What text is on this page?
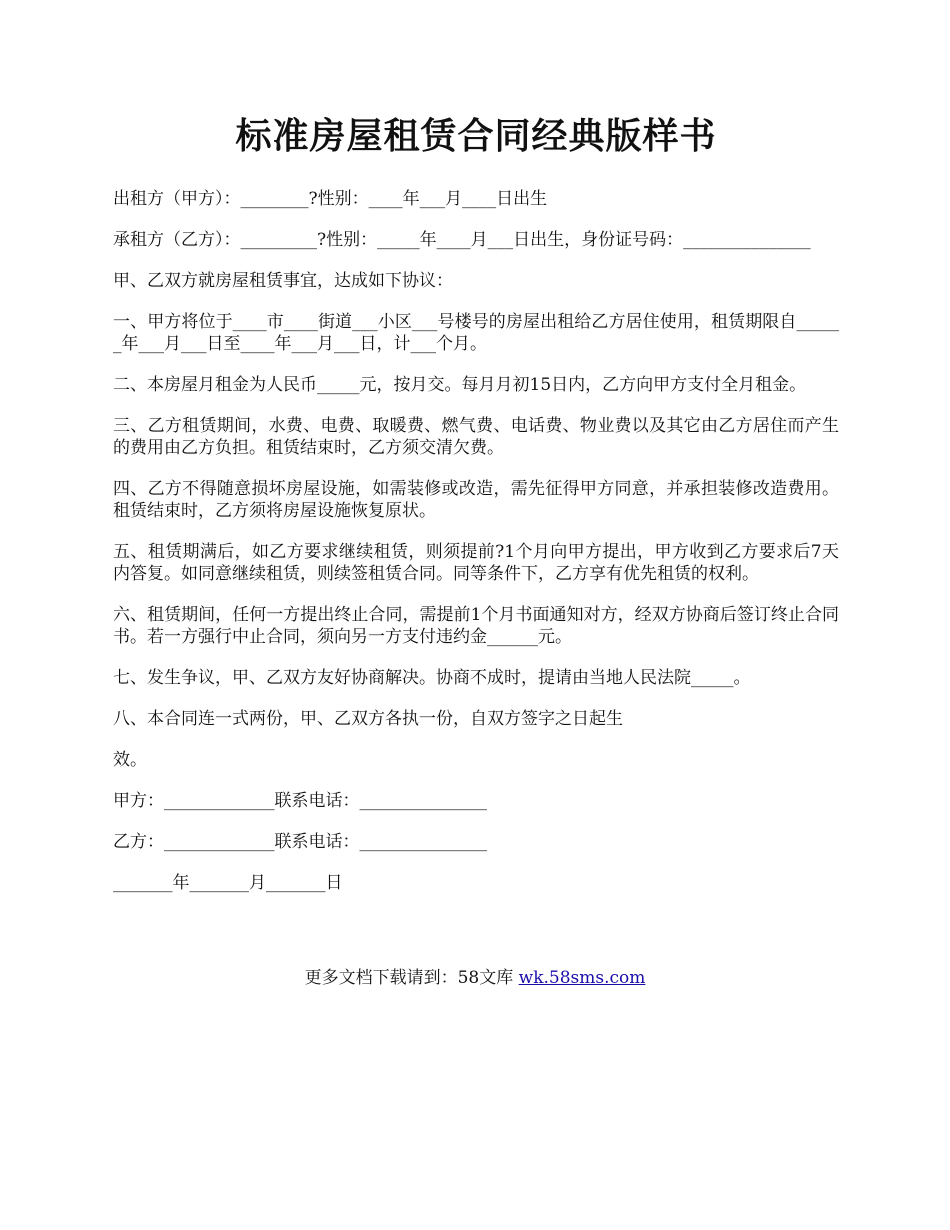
标准房屋租赁合同经典版样书

出租方（甲方）：________?性别：____年___月____日出生

承租方（乙方）：_________?性别：_____年____月___日出生，身份证号码：_______________

甲、乙双方就房屋租赁事宜，达成如下协议：

一、甲方将位于____市____街道___小区___号楼号的房屋出租给乙方居住使用，租赁期限自______年___月___日至____年___月___日，计___个月。

二、本房屋月租金为人民币_____元，按月交。每月月初15日内，乙方向甲方支付全月租金。

三、乙方租赁期间，水费、电费、取暖费、燃气费、电话费、物业费以及其它由乙方居住而产生的费用由乙方负担。租赁结束时，乙方须交清欠费。

四、乙方不得随意损坏房屋设施，如需装修或改造，需先征得甲方同意，并承担装修改造费用。租赁结束时，乙方须将房屋设施恢复原状。

五、租赁期满后，如乙方要求继续租赁，则须提前?1个月向甲方提出，甲方收到乙方要求后7天内答复。如同意继续租赁，则续签租赁合同。同等条件下，乙方享有优先租赁的权利。

六、租赁期间，任何一方提出终止合同，需提前1个月书面通知对方，经双方协商后签订终止合同书。若一方强行中止合同，须向另一方支付违约金______元。

七、发生争议，甲、乙双方友好协商解决。协商不成时，提请由当地人民法院_____。

八、本合同连一式两份，甲、乙双方各执一份，自双方签字之日起生

效。

甲方：_____________联系电话：_______________

乙方：_____________联系电话：_______________

_______年_______月_______日

更多文档下载请到：58文库 wk.58sms.com
